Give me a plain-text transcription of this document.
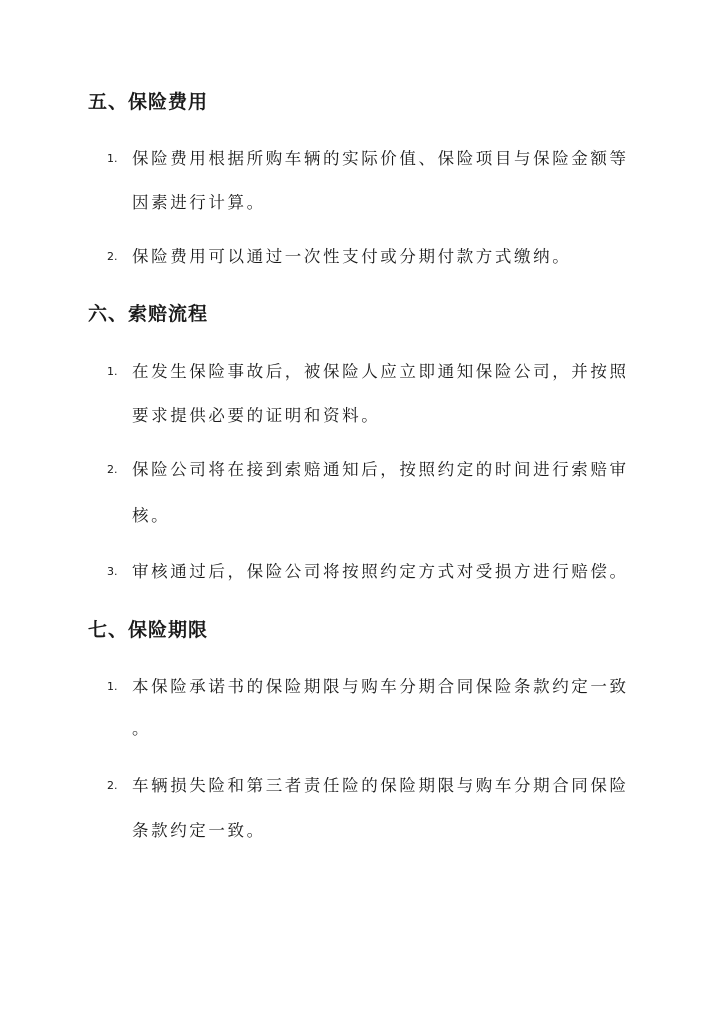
五、保险费用
1. 保险费用根据所购车辆的实际价值、保险项目与保险金额等
因素进行计算。
2. 保险费用可以通过一次性支付或分期付款方式缴纳。
六、索赔流程
1. 在发生保险事故后，被保险人应立即通知保险公司，并按照
要求提供必要的证明和资料。
2. 保险公司将在接到索赔通知后，按照约定的时间进行索赔审
核。
3. 审核通过后，保险公司将按照约定方式对受损方进行赔偿。
七、保险期限
1. 本保险承诺书的保险期限与购车分期合同保险条款约定一致
。
2. 车辆损失险和第三者责任险的保险期限与购车分期合同保险
条款约定一致。
